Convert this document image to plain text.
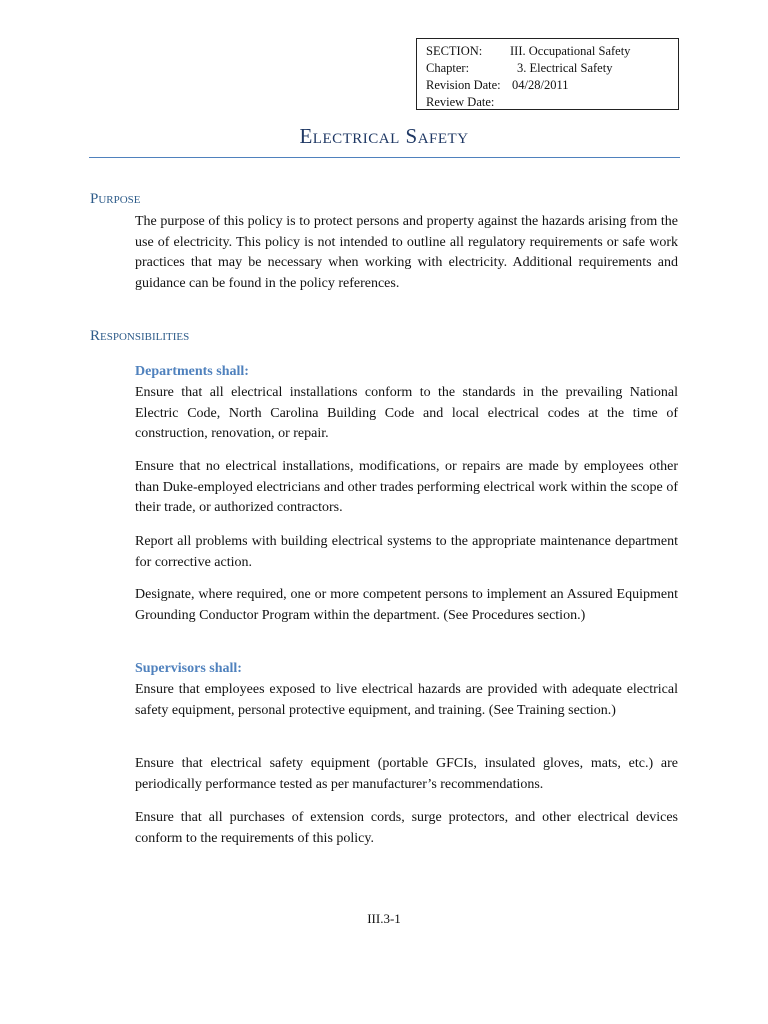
SECTION:	III. Occupational Safety
Chapter:	3. Electrical Safety
Revision Date: 04/28/2011
Review Date:
Electrical Safety
Purpose
The purpose of this policy is to protect persons and property against the hazards arising from the use of electricity. This policy is not intended to outline all regulatory requirements or safe work practices that may be necessary when working with electricity. Additional requirements and guidance can be found in the policy references.
Responsibilities
Departments shall:
Ensure that all electrical installations conform to the standards in the prevailing National Electric Code, North Carolina Building Code and local electrical codes at the time of construction, renovation, or repair.
Ensure that no electrical installations, modifications, or repairs are made by employees other than Duke-employed electricians and other trades performing electrical work within the scope of their trade, or authorized contractors.
Report all problems with building electrical systems to the appropriate maintenance department for corrective action.
Designate, where required, one or more competent persons to implement an Assured Equipment Grounding Conductor Program within the department. (See Procedures section.)
Supervisors shall:
Ensure that employees exposed to live electrical hazards are provided with adequate electrical safety equipment, personal protective equipment, and training. (See Training section.)
Ensure that electrical safety equipment (portable GFCIs, insulated gloves, mats, etc.) are periodically performance tested as per manufacturer’s recommendations.
Ensure that all purchases of extension cords, surge protectors, and other electrical devices conform to the requirements of this policy.
III.3-1
